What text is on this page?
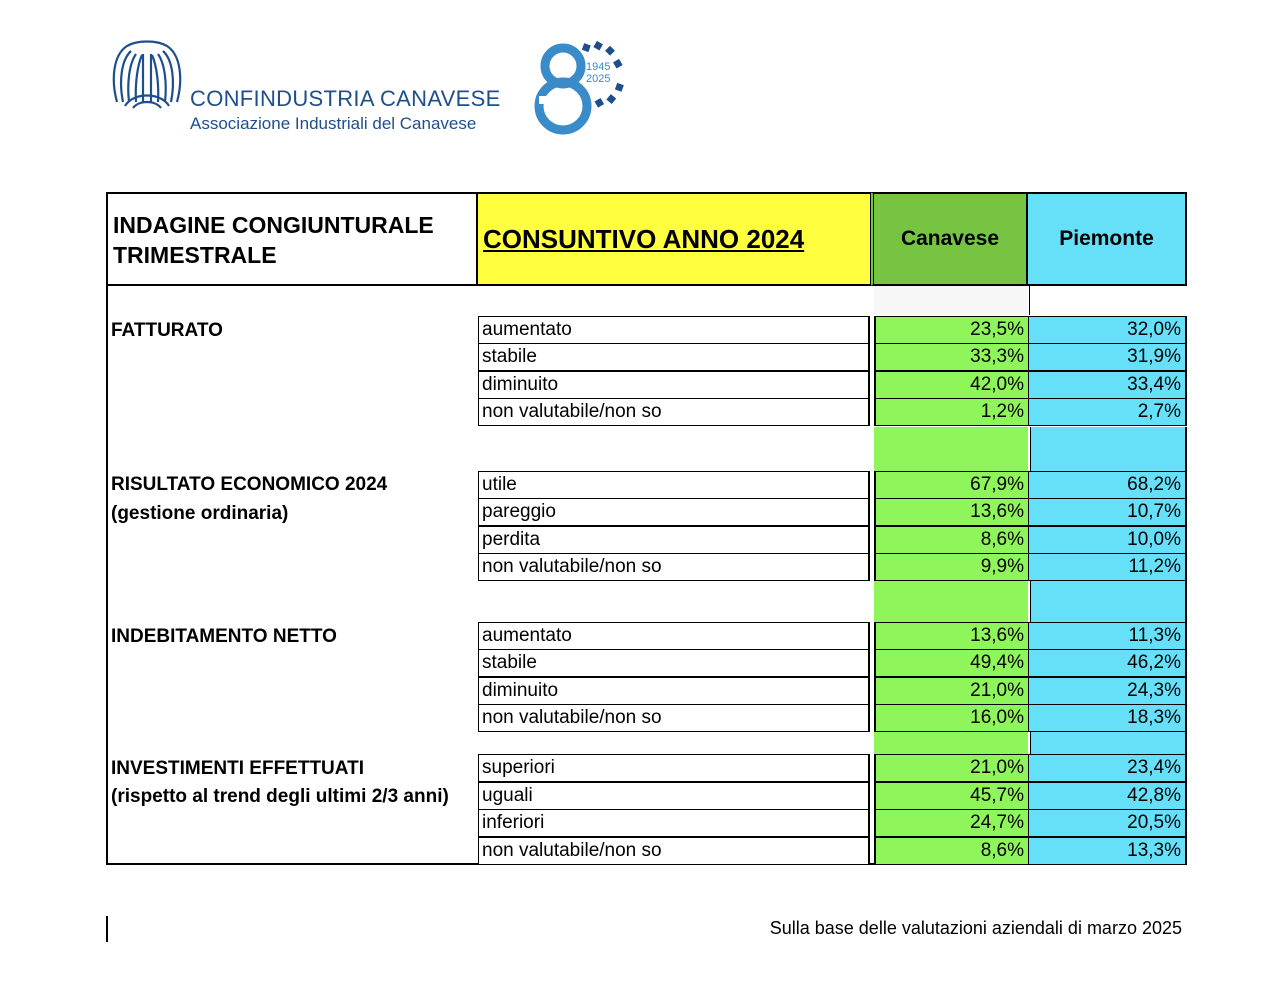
CONFINDUSTRIA CANAVESE
Associazione Industriali del Canavese
1945
2025
INDAGINE CONGIUNTURALE
TRIMESTRALE
CONSUNTIVO ANNO 2024	Canavese	Piemonte
FATTURATO	aumentato	23,5%	32,0%
stabile	33,3%	31,9%
diminuito	42,0%	33,4%
non valutabile/non so	1,2%	2,7%
RISULTATO ECONOMICO 2024
(gestione ordinaria)
utile	67,9%	68,2%
pareggio	13,6%	10,7%
perdita	8,6%	10,0%
non valutabile/non so	9,9%	11,2%
INDEBITAMENTO NETTO	aumentato	13,6%	11,3%
stabile	49,4%	46,2%
diminuito	21,0%	24,3%
non valutabile/non so	16,0%	18,3%
INVESTIMENTI EFFETTUATI
(rispetto al trend degli ultimi 2/3 anni)
superiori	21,0%	23,4%
uguali	45,7%	42,8%
inferiori	24,7%	20,5%
non valutabile/non so	8,6%	13,3%
Sulla base delle valutazioni aziendali di marzo 2025
